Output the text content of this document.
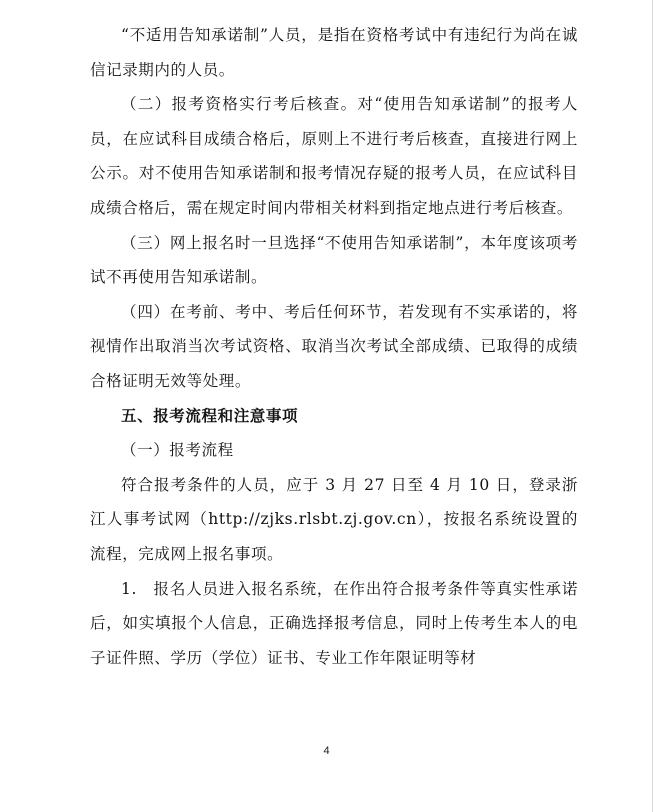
“不适用告知承诺制”人员，是指在资格考试中有违纪行为尚在诚信记录期内的人员。

（二）报考资格实行考后核查。对“使用告知承诺制”的报考人员，在应试科目成绩合格后，原则上不进行考后核查，直接进行网上公示。对不使用告知承诺制和报考情况存疑的报考人员，在应试科目成绩合格后，需在规定时间内带相关材料到指定地点进行考后核查。

（三）网上报名时一旦选择“不使用告知承诺制”，本年度该项考试不再使用告知承诺制。

（四）在考前、考中、考后任何环节，若发现有不实承诺的，将视情作出取消当次考试资格、取消当次考试全部成绩、已取得的成绩合格证明无效等处理。

五、报考流程和注意事项

（一）报考流程

符合报考条件的人员，应于 3 月 27 日至 4 月 10 日，登录浙江人事考试网（http://zjks.rlsbt.zj.gov.cn），按报名系统设置的流程，完成网上报名事项。

1.　报名人员进入报名系统，在作出符合报考条件等真实性承诺后，如实填报个人信息，正确选择报考信息，同时上传考生本人的电子证件照、学历（学位）证书、专业工作年限证明等材

4
